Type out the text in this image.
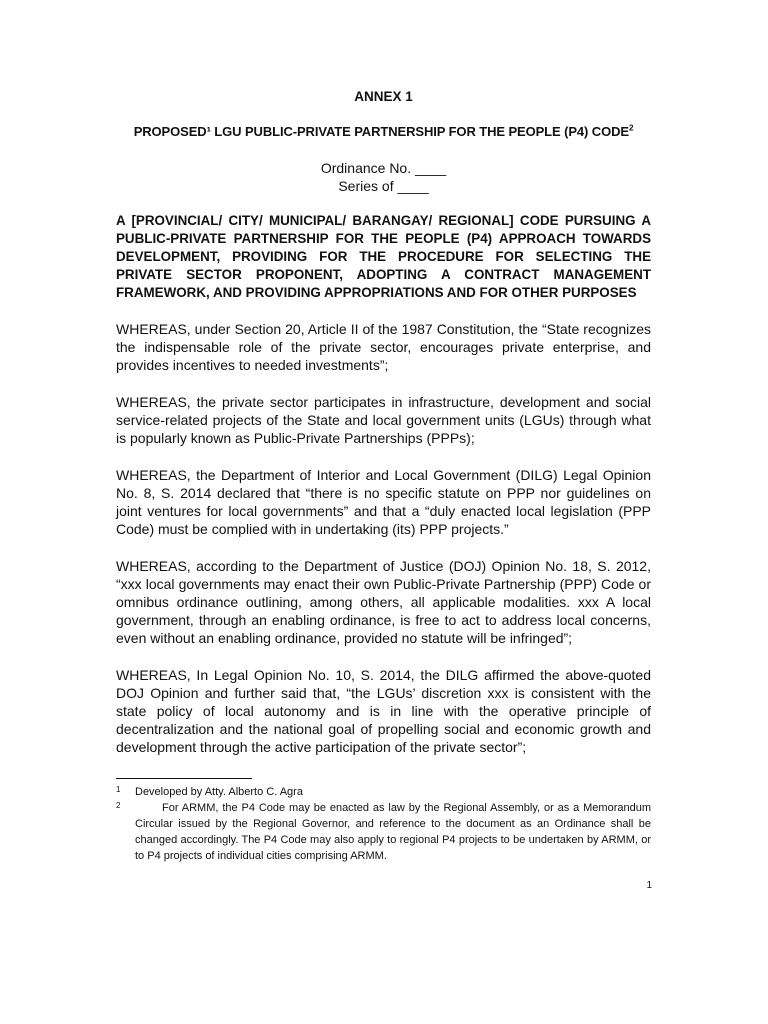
ANNEX 1
PROPOSED¹ LGU PUBLIC-PRIVATE PARTNERSHIP FOR THE PEOPLE (P4) CODE$^2$
Ordinance No. ____
Series of ____
A [PROVINCIAL/ CITY/ MUNICIPAL/ BARANGAY/ REGIONAL] CODE PURSUING A PUBLIC-PRIVATE PARTNERSHIP FOR THE PEOPLE (P4) APPROACH TOWARDS DEVELOPMENT, PROVIDING FOR THE PROCEDURE FOR SELECTING THE PRIVATE SECTOR PROPONENT, ADOPTING A CONTRACT MANAGEMENT FRAMEWORK, AND PROVIDING APPROPRIATIONS AND FOR OTHER PURPOSES
WHEREAS, under Section 20, Article II of the 1987 Constitution, the “State recognizes the indispensable role of the private sector, encourages private enterprise, and provides incentives to needed investments”;
WHEREAS, the private sector participates in infrastructure, development and social service-related projects of the State and local government units (LGUs) through what is popularly known as Public-Private Partnerships (PPPs);
WHEREAS, the Department of Interior and Local Government (DILG) Legal Opinion No. 8, S. 2014 declared that “there is no specific statute on PPP nor guidelines on joint ventures for local governments” and that a “duly enacted local legislation (PPP Code) must be complied with in undertaking (its) PPP projects.”
WHEREAS, according to the Department of Justice (DOJ) Opinion No. 18, S. 2012, “xxx local governments may enact their own Public-Private Partnership (PPP) Code or omnibus ordinance outlining, among others, all applicable modalities. xxx A local government, through an enabling ordinance, is free to act to address local concerns, even without an enabling ordinance, provided no statute will be infringed”;
WHEREAS, In Legal Opinion No. 10, S. 2014, the DILG affirmed the above-quoted DOJ Opinion and further said that, “the LGUs’ discretion xxx is consistent with the state policy of local autonomy and is in line with the operative principle of decentralization and the national goal of propelling social and economic growth and development through the active participation of the private sector”;
1	Developed by Atty. Alberto C. Agra
2	For ARMM, the P4 Code may be enacted as law by the Regional Assembly, or as a Memorandum Circular issued by the Regional Governor, and reference to the document as an Ordinance shall be changed accordingly. The P4 Code may also apply to regional P4 projects to be undertaken by ARMM, or to P4 projects of individual cities comprising ARMM.
1
